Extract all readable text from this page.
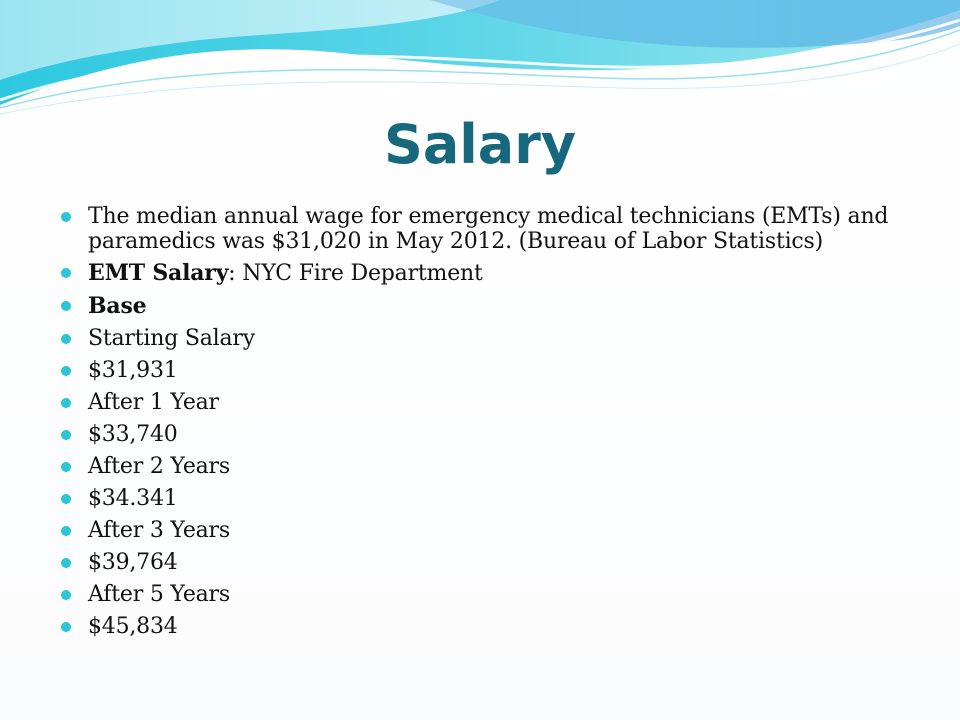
Salary
The median annual wage for emergency medical technicians (EMTs) and paramedics was $31,020 in May 2012. (Bureau of Labor Statistics)
EMT Salary: NYC Fire Department
Base
Starting Salary
$31,931
After 1 Year
$33,740
After 2 Years
$34.341
After 3 Years
$39,764
After 5 Years
$45,834
